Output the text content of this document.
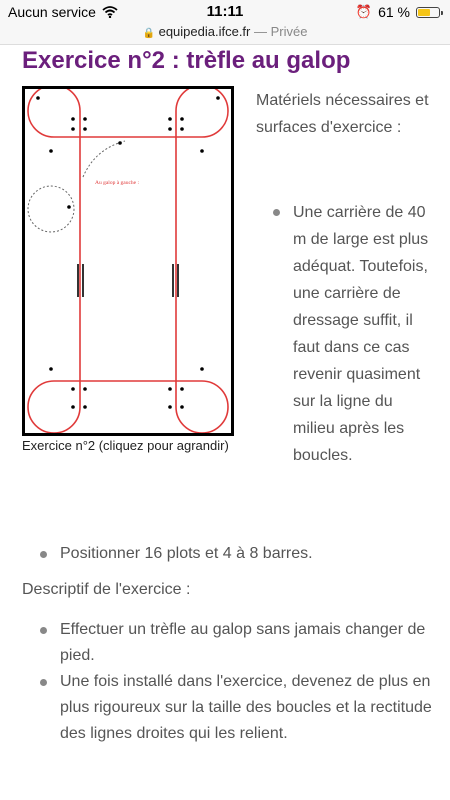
Aucun service	11:11	⏰ 61 %
🔒 equipedia.ifce.fr — Privée
Exercice n°2 : trèfle au galop
Au galop à gauche :
Exercice n°2 (cliquez pour agrandir)
Matériels nécessaires et surfaces d'exercice :
Une carrière de 40 m de large est plus adéquat. Toutefois, une carrière de dressage suffit, il faut dans ce cas revenir quasiment sur la ligne du milieu après les boucles.
Positionner 16 plots et 4 à 8 barres.
Descriptif de l'exercice :
Effectuer un trèfle au galop sans jamais changer de pied.
Une fois installé dans l'exercice, devenez de plus en plus rigoureux sur la taille des boucles et la rectitude des lignes droites qui les relient.
